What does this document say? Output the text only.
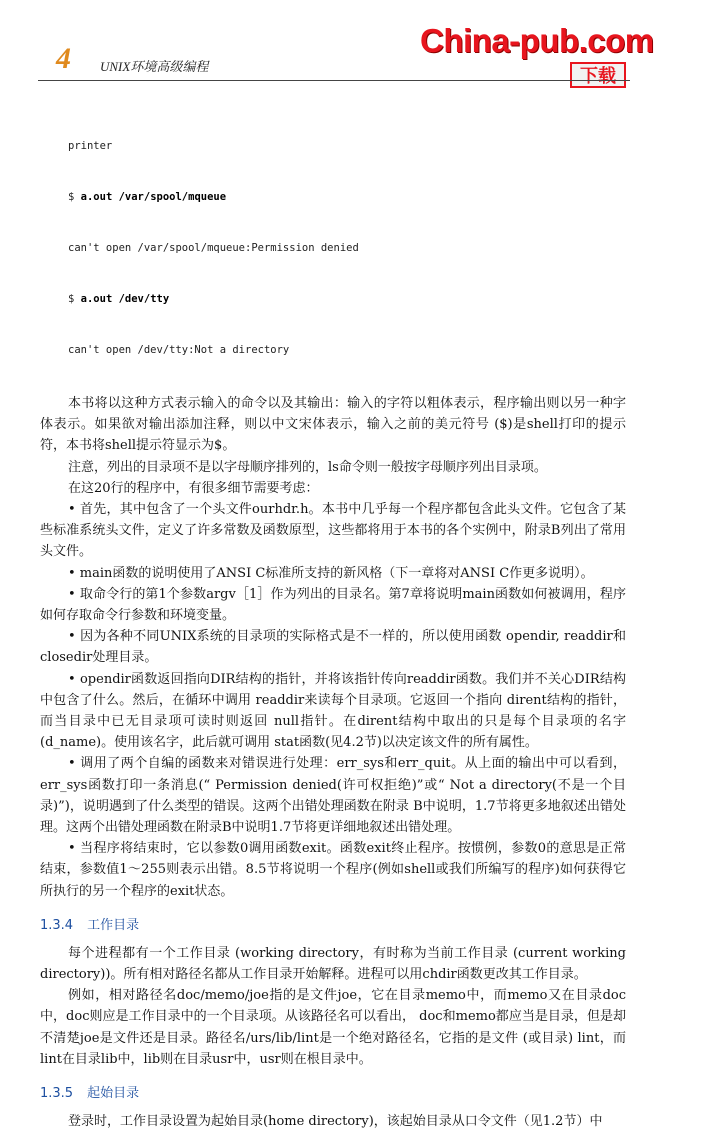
4 UNIX环境高级编程
China-pub.com
下载

printer

$ a.out /var/spool/mqueue

can't open /var/spool/mqueue:Permission denied

$ a.out /dev/tty

can't open /dev/tty:Not a directory

本书将以这种方式表示输入的命令以及其输出：输入的字符以粗体表示，程序输出则以另一种字体表示。如果欲对输出添加注释，则以中文宋体表示，输入之前的美元符号 ($)是shell打印的提示符，本书将shell提示符显示为$。

注意，列出的目录项不是以字母顺序排列的，ls命令则一般按字母顺序列出目录项。

在这20行的程序中，有很多细节需要考虑：

• 首先，其中包含了一个头文件ourhdr.h。本书中几乎每一个程序都包含此头文件。它包含了某些标准系统头文件，定义了许多常数及函数原型，这些都将用于本书的各个实例中，附录B列出了常用头文件。

• main函数的说明使用了ANSI C标准所支持的新风格（下一章将对ANSI C作更多说明）。

• 取命令行的第1个参数argv［1］作为列出的目录名。第7章将说明main函数如何被调用，程序如何存取命令行参数和环境变量。

• 因为各种不同UNIX系统的目录项的实际格式是不一样的，所以使用函数 opendir, readdir和closedir处理目录。

• opendir函数返回指向DIR结构的指针，并将该指针传向readdir函数。我们并不关心DIR结构中包含了什么。然后，在循环中调用 readdir来读每个目录项。它返回一个指向 dirent结构的指针，而当目录中已无目录项可读时则返回 null指针。在dirent结构中取出的只是每个目录项的名字(d_name)。使用该名字，此后就可调用 stat函数(见4.2节)以决定该文件的所有属性。

• 调用了两个自编的函数来对错误进行处理：err_sys和err_quit。从上面的输出中可以看到，err_sys函数打印一条消息(“ Permission denied(许可权拒绝)”或“ Not a directory(不是一个目录)”)，说明遇到了什么类型的错误。这两个出错处理函数在附录 B中说明，1.7节将更多地叙述出错处理。这两个出错处理函数在附录B中说明1.7节将更详细地叙述出错处理。

• 当程序将结束时，它以参数0调用函数exit。函数exit终止程序。按惯例，参数0的意思是正常结束，参数值1～255则表示出错。8.5节将说明一个程序(例如shell或我们所编写的程序)如何获得它所执行的另一个程序的exit状态。

1.3.4 工作目录

每个进程都有一个工作目录 (working directory，有时称为当前工作目录 (current working directory))。所有相对路径名都从工作目录开始解释。进程可以用chdir函数更改其工作目录。

例如，相对路径名doc/memo/joe指的是文件joe，它在目录memo中，而memo又在目录doc中，doc则应是工作目录中的一个目录项。从该路径名可以看出， doc和memo都应当是目录，但是却不清楚joe是文件还是目录。路径名/urs/lib/lint是一个绝对路径名，它指的是文件 (或目录) lint，而lint在目录lib中，lib则在目录usr中，usr则在根目录中。

1.3.5 起始目录

登录时，工作目录设置为起始目录(home directory)，该起始目录从口令文件（见1.2节）中
